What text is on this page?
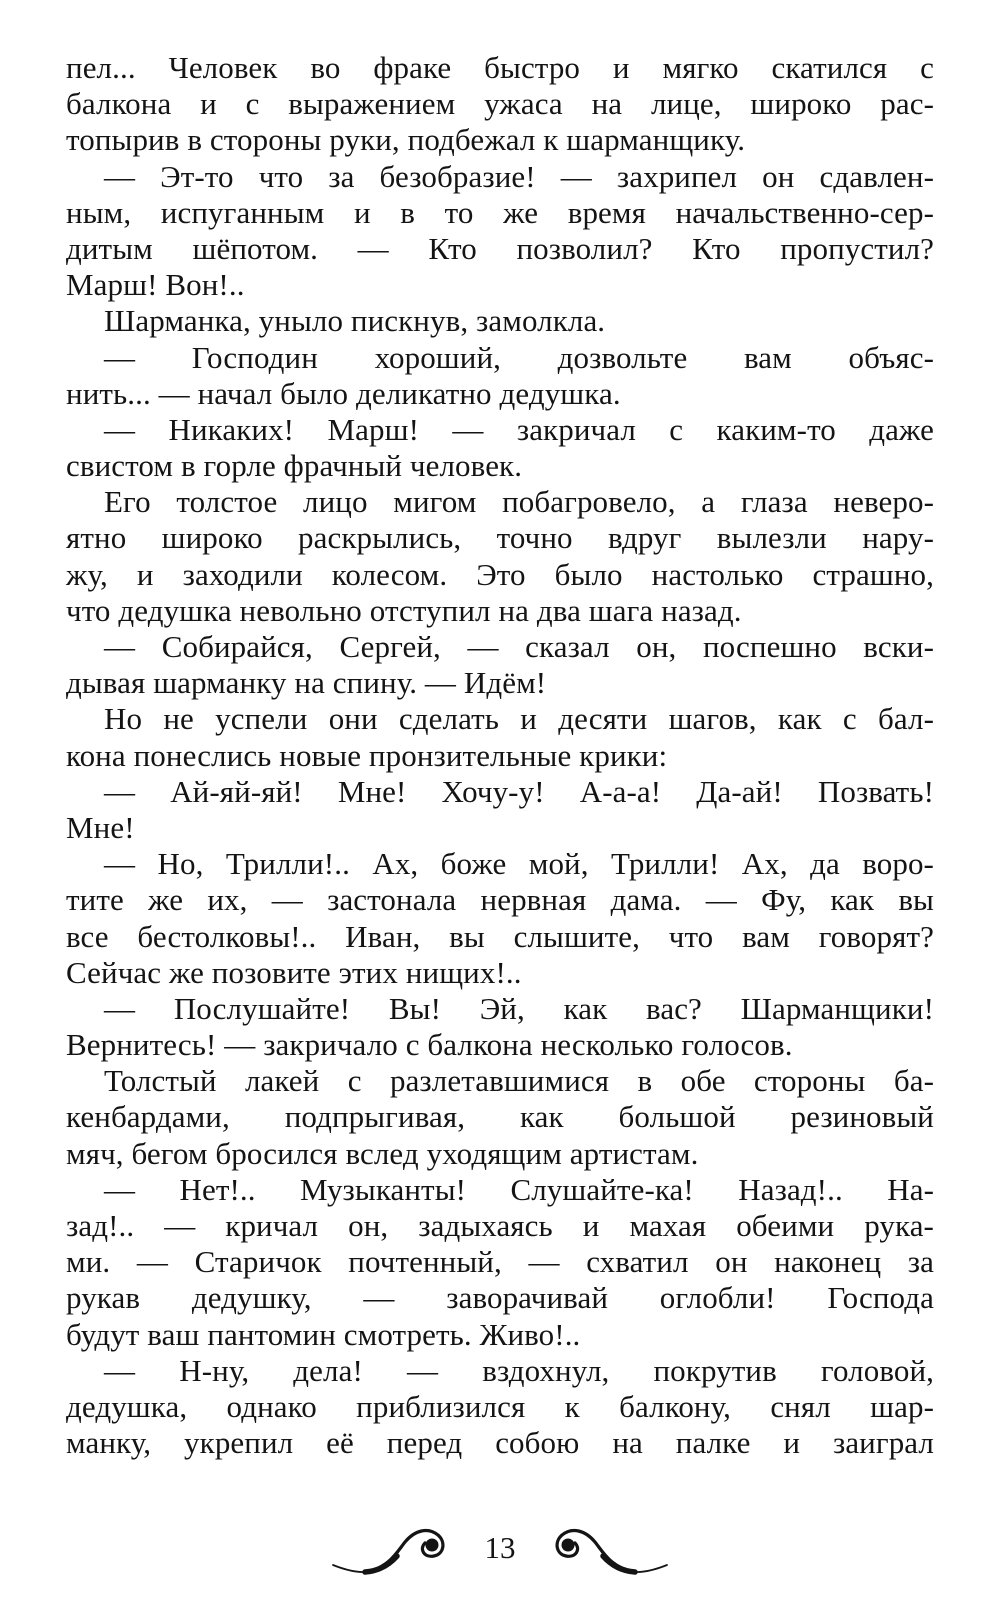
пел... Человек во фраке быстро и мягко скатился с
балкона и с выражением ужаса на лице, широко рас-
топырив в стороны руки, подбежал к шарманщику.
— Эт-то что за безобразие! — захрипел он сдавлен-
ным, испуганным и в то же время начальственно-сер-
дитым шёпотом. — Кто позволил? Кто пропустил?
Марш! Вон!..
Шарманка, уныло пискнув, замолкла.
— Господин хороший, дозвольте вам объяс-
нить... — начал было деликатно дедушка.
— Никаких! Марш! — закричал с каким-то даже
свистом в горле фрачный человек.
Его толстое лицо мигом побагровело, а глаза неверо-
ятно широко раскрылись, точно вдруг вылезли нару-
жу, и заходили колесом. Это было настолько страшно,
что дедушка невольно отступил на два шага назад.
— Собирайся, Сергей, — сказал он, поспешно вски-
дывая шарманку на спину. — Идём!
Но не успели они сделать и десяти шагов, как с бал-
кона понеслись новые пронзительные крики:
— Ай-яй-яй! Мне! Хочу-у! А-а-а! Да-ай! Позвать!
Мне!
— Но, Трилли!.. Ах, боже мой, Трилли! Ах, да воро-
тите же их, — застонала нервная дама. — Фу, как вы
все бестолковы!.. Иван, вы слышите, что вам говорят?
Сейчас же позовите этих нищих!..
— Послушайте! Вы! Эй, как вас? Шарманщики!
Вернитесь! — закричало с балкона несколько голосов.
Толстый лакей с разлетавшимися в обе стороны ба-
кенбардами, подпрыгивая, как большой резиновый
мяч, бегом бросился вслед уходящим артистам.
— Нет!.. Музыканты! Слушайте-ка! Назад!.. На-
зад!.. — кричал он, задыхаясь и махая обеими рука-
ми. — Старичок почтенный, — схватил он наконец за
рукав дедушку, — заворачивай оглобли! Господа
будут ваш пантомин смотреть. Живо!..
— Н-ну, дела! — вздохнул, покрутив головой,
дедушка, однако приблизился к балкону, снял шар-
манку, укрепил её перед собою на палке и заиграл
13
